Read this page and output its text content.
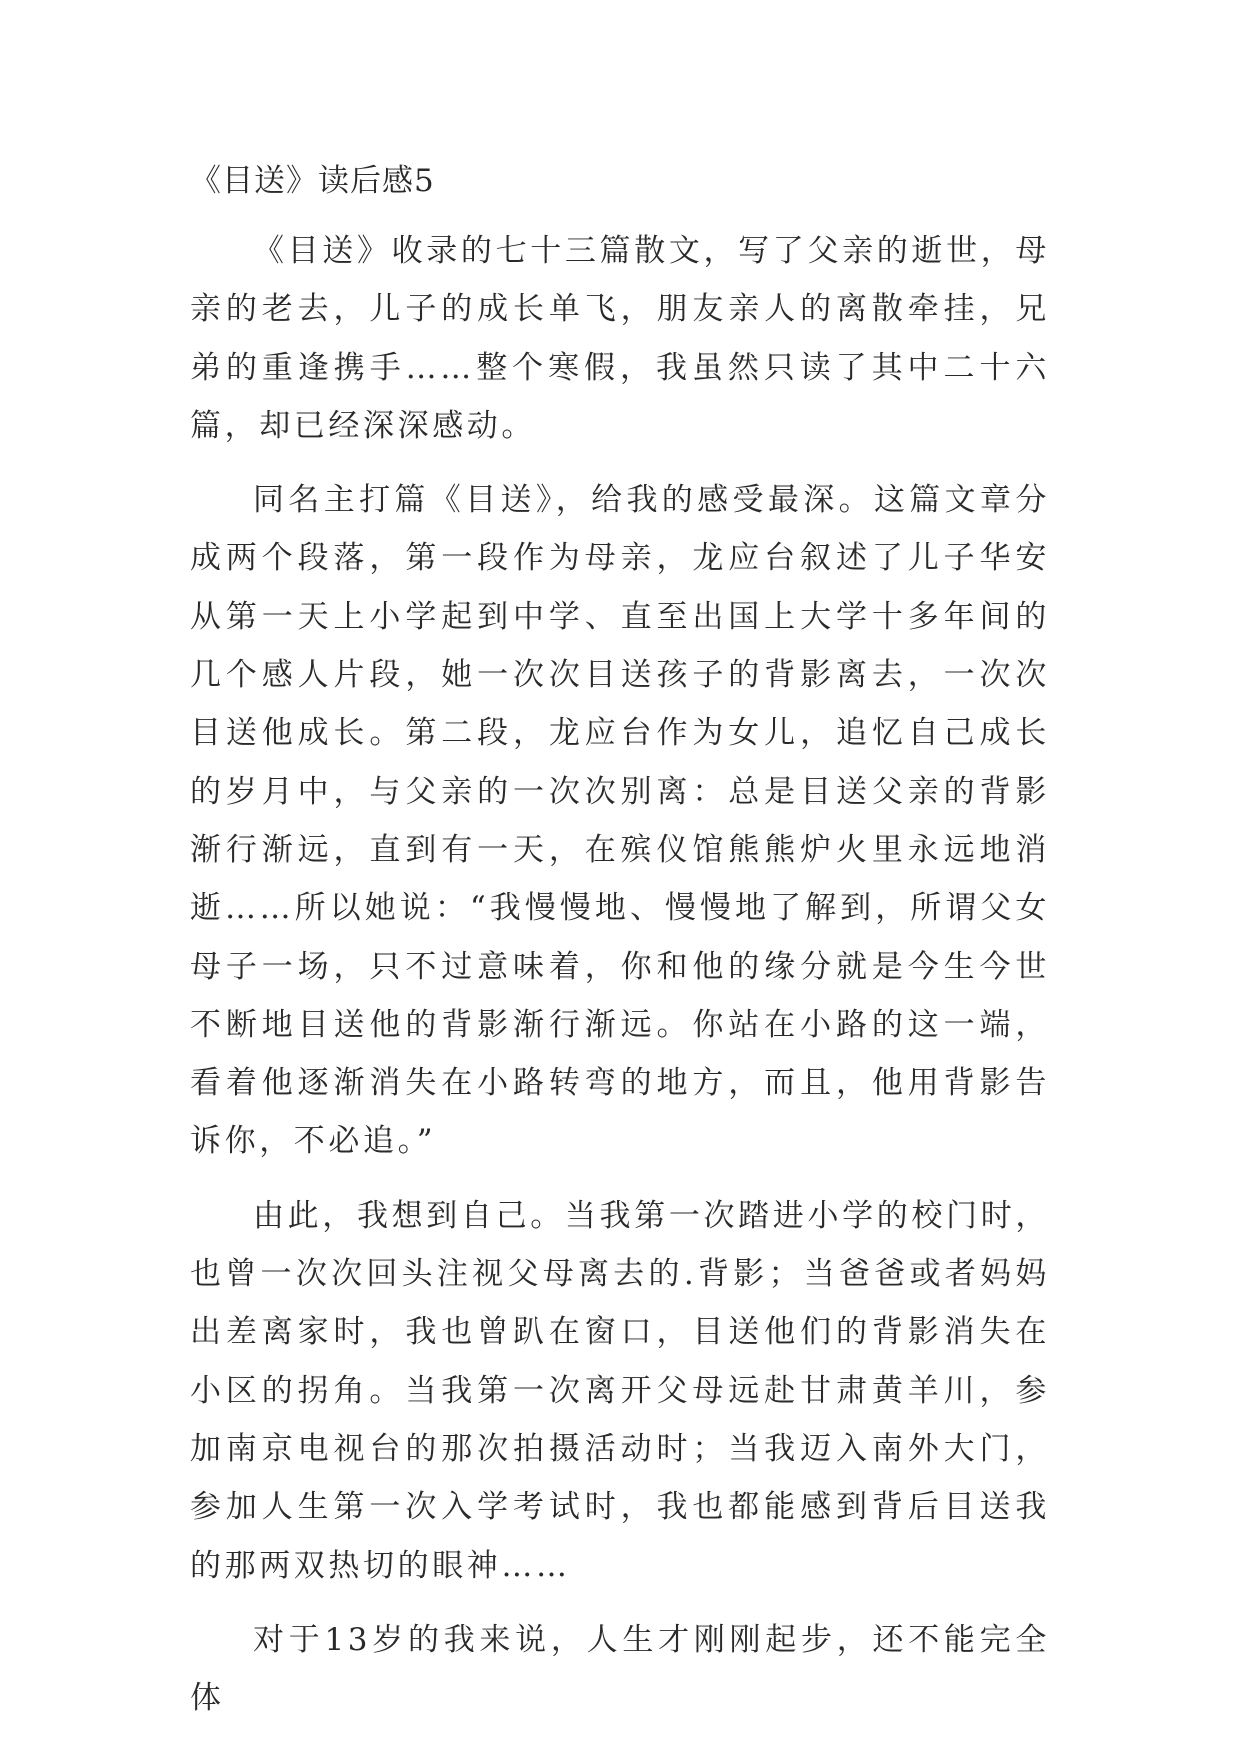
《目送》读后感5

《目送》收录的七十三篇散文，写了父亲的逝世，母亲的老去，儿子的成长单飞，朋友亲人的离散牵挂，兄弟的重逢携手……整个寒假，我虽然只读了其中二十六篇，却已经深深感动。

同名主打篇《目送》，给我的感受最深。这篇文章分成两个段落，第一段作为母亲，龙应台叙述了儿子华安从第一天上小学起到中学、直至出国上大学十多年间的几个感人片段，她一次次目送孩子的背影离去，一次次目送他成长。第二段，龙应台作为女儿，追忆自己成长的岁月中，与父亲的一次次别离：总是目送父亲的背影渐行渐远，直到有一天，在殡仪馆熊熊炉火里永远地消逝……所以她说：“我慢慢地、慢慢地了解到，所谓父女母子一场，只不过意味着，你和他的缘分就是今生今世不断地目送他的背影渐行渐远。你站在小路的这一端，看着他逐渐消失在小路转弯的地方，而且，他用背影告诉你，不必追。”

由此，我想到自己。当我第一次踏进小学的校门时，也曾一次次回头注视父母离去的.背影；当爸爸或者妈妈出差离家时，我也曾趴在窗口，目送他们的背影消失在小区的拐角。当我第一次离开父母远赴甘肃黄羊川，参加南京电视台的那次拍摄活动时；当我迈入南外大门，参加人生第一次入学考试时，我也都能感到背后目送我的那两双热切的眼神……

对于13岁的我来说，人生才刚刚起步，还不能完全体
